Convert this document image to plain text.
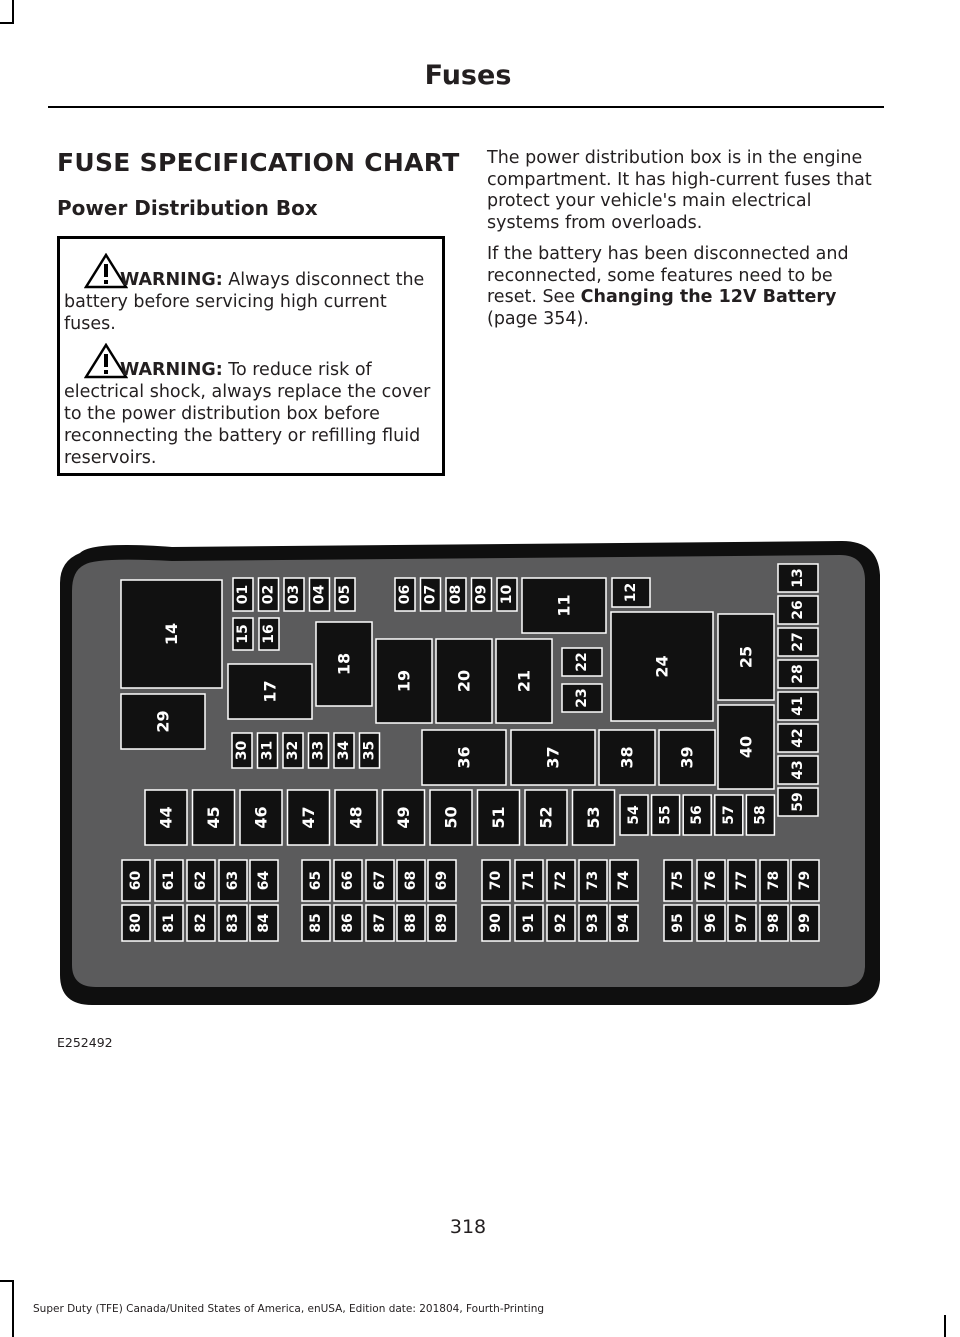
Fuses
FUSE SPECIFICATION CHART
Power Distribution Box
WARNING: Always disconnect the battery before servicing high current fuses.
WARNING: To reduce risk of electrical shock, always replace the cover to the power distribution box before reconnecting the battery or refilling fluid reservoirs.
The power distribution box is in the engine compartment. It has high-current fuses that protect your vehicle's main electrical systems from overloads.
If the battery has been disconnected and reconnected, some features need to be reset. See Changing the 12V Battery (page 354).
01 02 03 04 05	06 07 08 09 10 11
12
13
14	15 16
17
18
19	20	21
22
23
24	25
26
27
28
29
30 31 32 33 34 35	36	37	38	39	40
41
42
43
44 45 46 47 48 49 50 51 52 53 54 55 56 57 58
59
60 61 62 63 64	65 66 67 68 69	70 71 72 73 74	75 76 77 78 79
80 81 82 83 84	85 86 87 88 89	90 91 92 93 94	95 96 97 98 99
E252492
318
Super Duty (TFE) Canada/United States of America, enUSA, Edition date: 201804, Fourth-Printing
